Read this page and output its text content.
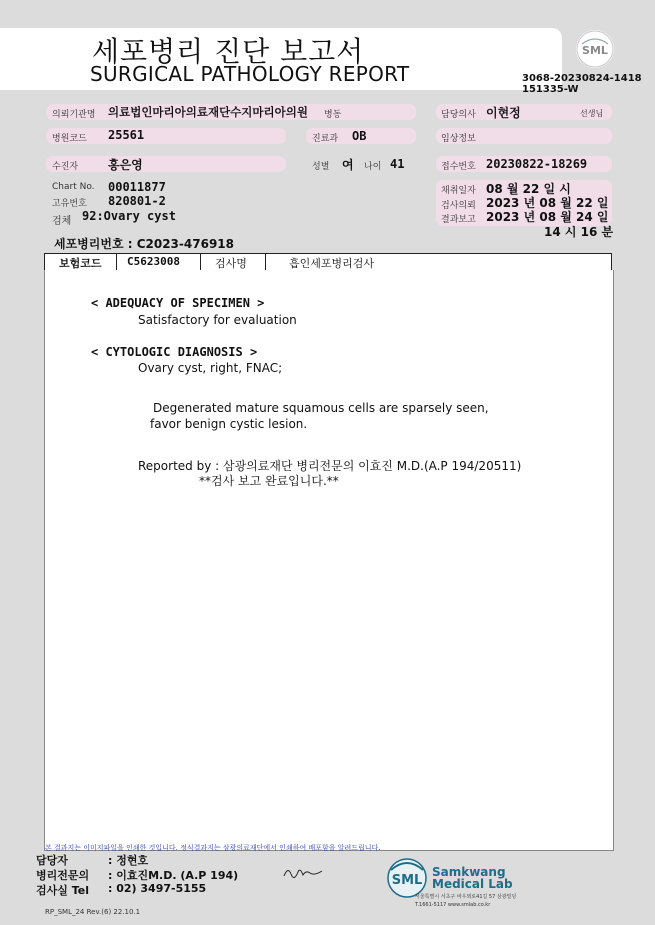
세포병리 진단 보고서
SURGICAL PATHOLOGY REPORT
SML
3068-20230824-1418
151335-W
의뢰기관명 의료법인마리아의료재단수지마리아의원 병동	담당의사 이현정	선생님
병원코드 25561	진료과 OB	임상정보
수진자 홍은영	성별 여 나이 41	접수번호 20230822-18269
Chart No. 00011877
고유번호 820801-2
검체 92:Ovary cyst
채취일자 08 월 22 일 시
검사의뢰 2023 년 08 월 22 일
결과보고 2023 년 08 월 24 일
14 시 16 분
세포병리번호 : C2023-476918
보험코드 C5623008	검사명	흡인세포병리검사
< ADEQUACY OF SPECIMEN >
Satisfactory for evaluation
< CYTOLOGIC DIAGNOSIS >
Ovary cyst, right, FNAC;
Degenerated mature squamous cells are sparsely seen,
favor benign cystic lesion.
Reported by : 삼광의료재단 병리전문의 이효진 M.D.(A.P 194/20511)
**검사 보고 완료입니다.**
본 결과지는 이미지파일을 인쇄한 것입니다. 정식결과지는 삼광의료재단에서 인쇄하여 배포함을 알려드립니다.
담당자	: 정현호
병리전문의 : 이효진M.D. (A.P 194)
검사실 Tel : 02) 3497-5155
RP_SML_24 Rev.(6) 22.10.1
SML
Samkwang
Medical Lab
서울특별시 서초구 바우뫼로41길 57 삼광빌딩
T.1661-5117 www.smlab.co.kr
